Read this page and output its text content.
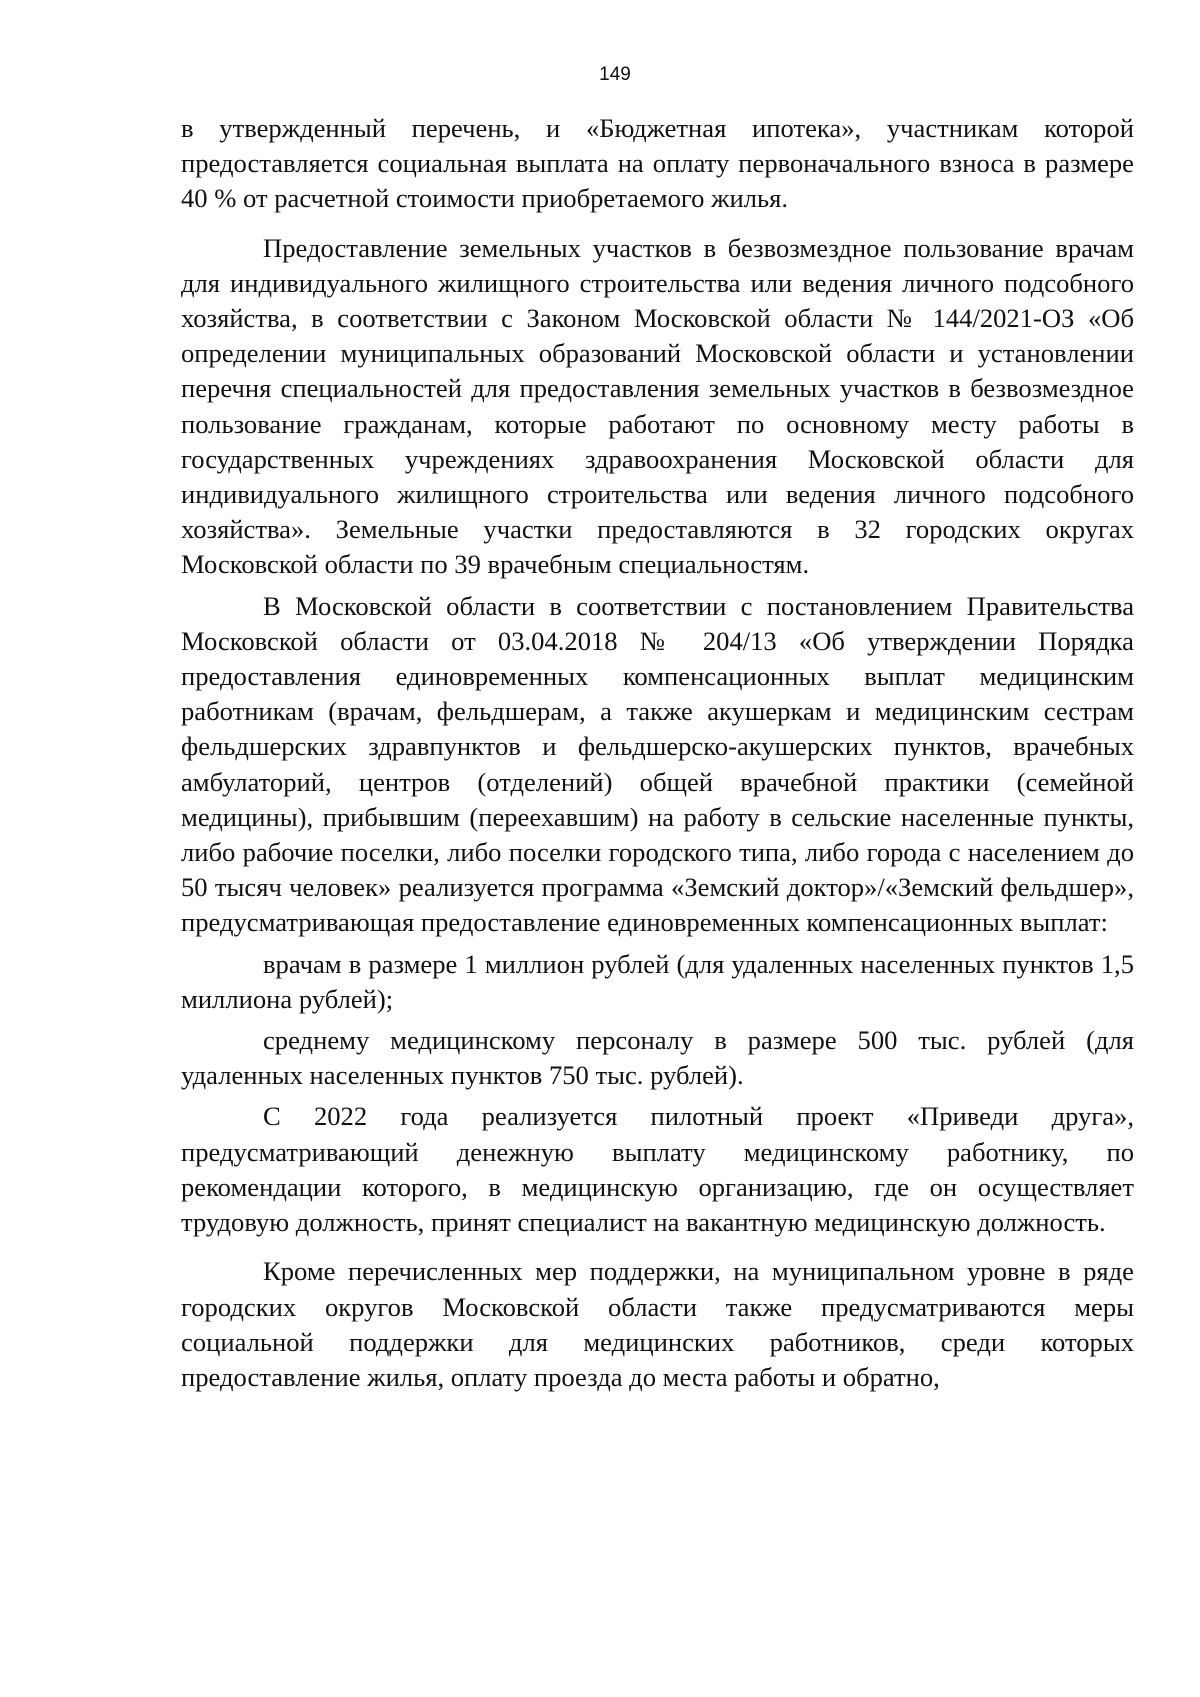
149

в утвержденный перечень, и «Бюджетная ипотека», участникам которой предоставляется социальная выплата на оплату первоначального взноса в размере 40 % от расчетной стоимости приобретаемого жилья.

Предоставление земельных участков в безвозмездное пользование врачам для индивидуального жилищного строительства или ведения личного подсобного хозяйства, в соответствии с Законом Московской области № 144/2021-ОЗ «Об определении муниципальных образований Московской области и установлении перечня специальностей для предоставления земельных участков в безвозмездное пользование гражданам, которые работают по основному месту работы в государственных учреждениях здравоохранения Московской области для индивидуального жилищного строительства или ведения личного подсобного хозяйства». Земельные участки предоставляются в 32 городских округах Московской области по 39 врачебным специальностям.

В Московской области в соответствии с постановлением Правительства Московской области от 03.04.2018 № 204/13 «Об утверждении Порядка предоставления единовременных компенсационных выплат медицинским работникам (врачам, фельдшерам, а также акушеркам и медицинским сестрам фельдшерских здравпунктов и фельдшерско-акушерских пунктов, врачебных амбулаторий, центров (отделений) общей врачебной практики (семейной медицины), прибывшим (переехавшим) на работу в сельские населенные пункты, либо рабочие поселки, либо поселки городского типа, либо города с населением до 50 тысяч человек» реализуется программа «Земский доктор»/«Земский фельдшер», предусматривающая предоставление единовременных компенсационных выплат:

врачам в размере 1 миллион рублей (для удаленных населенных пунктов 1,5 миллиона рублей);

среднему медицинскому персоналу в размере 500 тыс. рублей (для удаленных населенных пунктов 750 тыс. рублей).

С 2022 года реализуется пилотный проект «Приведи друга», предусматривающий денежную выплату медицинскому работнику, по рекомендации которого, в медицинскую организацию, где он осуществляет трудовую должность, принят специалист на вакантную медицинскую должность.

Кроме перечисленных мер поддержки, на муниципальном уровне в ряде городских округов Московской области также предусматриваются меры социальной поддержки для медицинских работников, среди которых предоставление жилья, оплату проезда до места работы и обратно,
